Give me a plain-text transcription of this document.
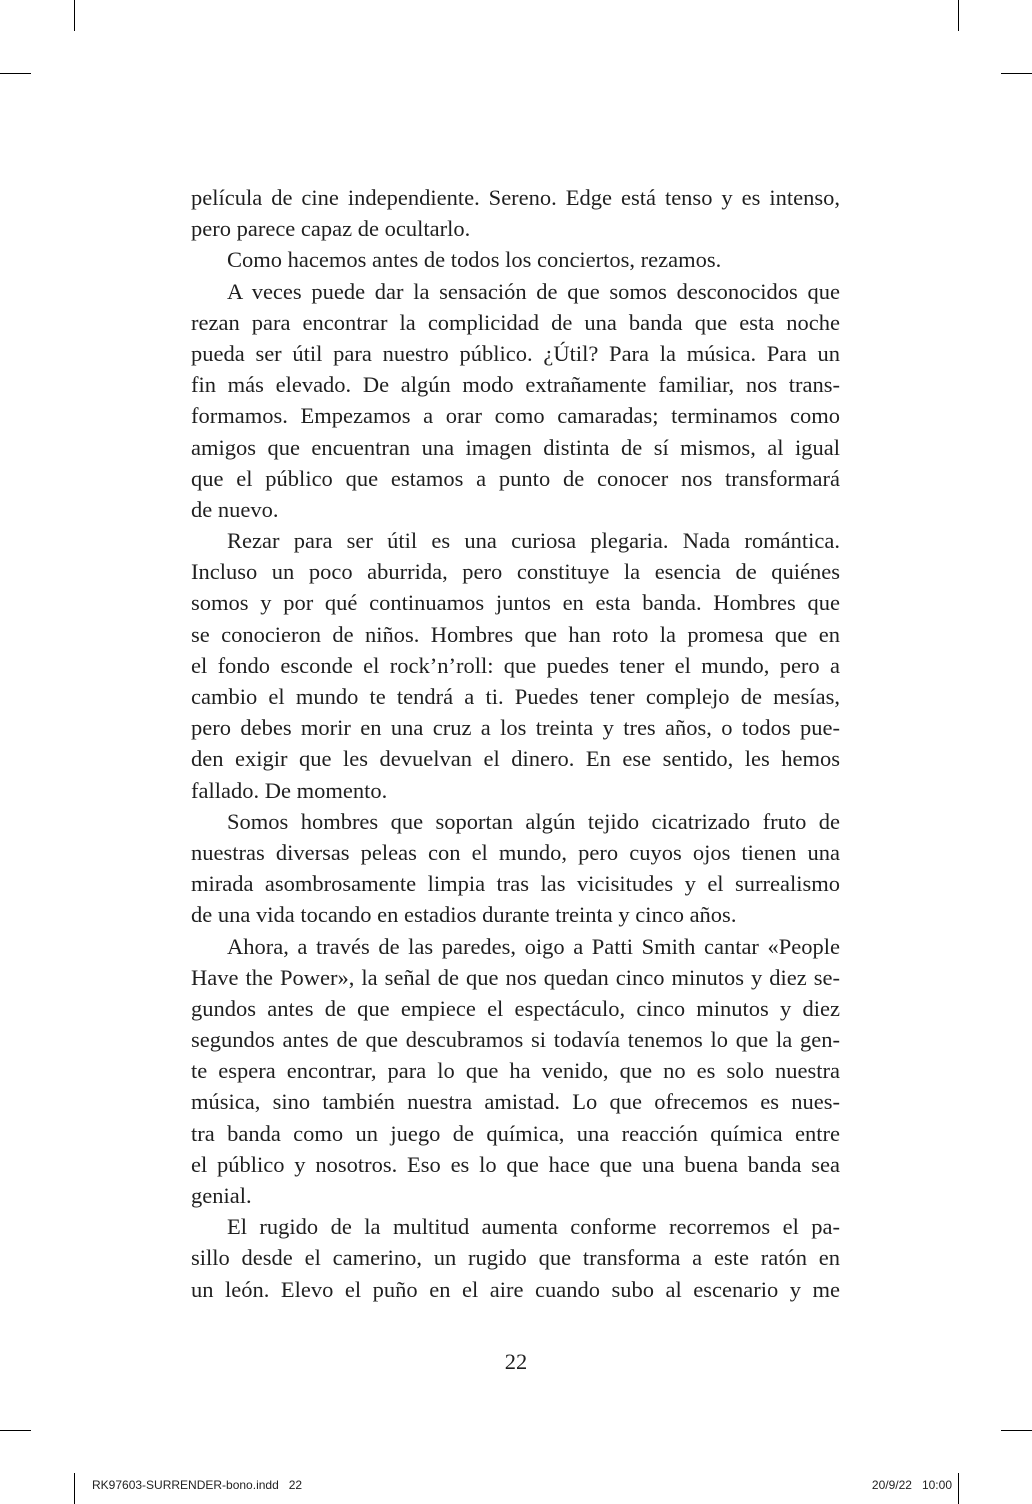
película de cine independiente. Sereno. Edge está tenso y es intenso,
pero parece capaz de ocultarlo.
Como hacemos antes de todos los conciertos, rezamos.
A veces puede dar la sensación de que somos desconocidos que
rezan para encontrar la complicidad de una banda que esta noche
pueda ser útil para nuestro público. ¿Útil? Para la música. Para un
fin más elevado. De algún modo extrañamente familiar, nos trans-
formamos. Empezamos a orar como camaradas; terminamos como
amigos que encuentran una imagen distinta de sí mismos, al igual
que el público que estamos a punto de conocer nos transformará
de nuevo.
Rezar para ser útil es una curiosa plegaria. Nada romántica.
Incluso un poco aburrida, pero constituye la esencia de quiénes
somos y por qué continuamos juntos en esta banda. Hombres que
se conocieron de niños. Hombres que han roto la promesa que en
el fondo esconde el rock’n’roll: que puedes tener el mundo, pero a
cambio el mundo te tendrá a ti. Puedes tener complejo de mesías,
pero debes morir en una cruz a los treinta y tres años, o todos pue-
den exigir que les devuelvan el dinero. En ese sentido, les hemos
fallado. De momento.
Somos hombres que soportan algún tejido cicatrizado fruto de
nuestras diversas peleas con el mundo, pero cuyos ojos tienen una
mirada asombrosamente limpia tras las vicisitudes y el surrealismo
de una vida tocando en estadios durante treinta y cinco años.
Ahora, a través de las paredes, oigo a Patti Smith cantar «People
Have the Power», la señal de que nos quedan cinco minutos y diez se-
gundos antes de que empiece el espectáculo, cinco minutos y diez
segundos antes de que descubramos si todavía tenemos lo que la gen-
te espera encontrar, para lo que ha venido, que no es solo nuestra
música, sino también nuestra amistad. Lo que ofrecemos es nues-
tra banda como un juego de química, una reacción química entre
el público y nosotros. Eso es lo que hace que una buena banda sea
genial.
El rugido de la multitud aumenta conforme recorremos el pa-
sillo desde el camerino, un rugido que transforma a este ratón en
un león. Elevo el puño en el aire cuando subo al escenario y me
22
RK97603-SURRENDER-bono.indd   22	20/9/22   10:00
